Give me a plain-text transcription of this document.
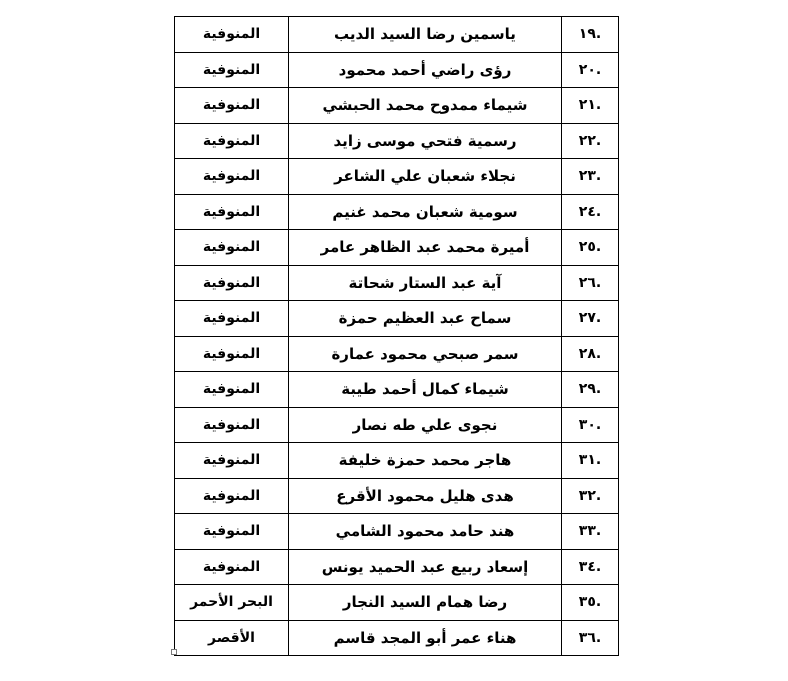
.١٩	ياسمين رضا السيد الديب	المنوفية
.٢٠	رؤى راضي أحمد محمود	المنوفية
.٢١	شيماء ممدوح محمد الحبشي	المنوفية
.٢٢	رسمية فتحي موسى زايد	المنوفية
.٢٣	نجلاء شعبان علي الشاعر	المنوفية
.٢٤	سومية شعبان محمد غنيم	المنوفية
.٢٥	أميرة محمد عبد الظاهر عامر	المنوفية
.٢٦	آية عبد الستار شحاتة	المنوفية
.٢٧	سماح عبد العظيم حمزة	المنوفية
.٢٨	سمر صبحي محمود عمارة	المنوفية
.٢٩	شيماء كمال أحمد طيبة	المنوفية
.٣٠	نجوى علي طه نصار	المنوفية
.٣١	هاجر محمد حمزة خليفة	المنوفية
.٣٢	هدى هليل محمود الأقرع	المنوفية
.٣٣	هند حامد محمود الشامي	المنوفية
.٣٤	إسعاد ربيع عبد الحميد يونس	المنوفية
.٣٥	رضا همام السيد النجار	البحر الأحمر
.٣٦	هناء عمر أبو المجد قاسم	الأقصر
